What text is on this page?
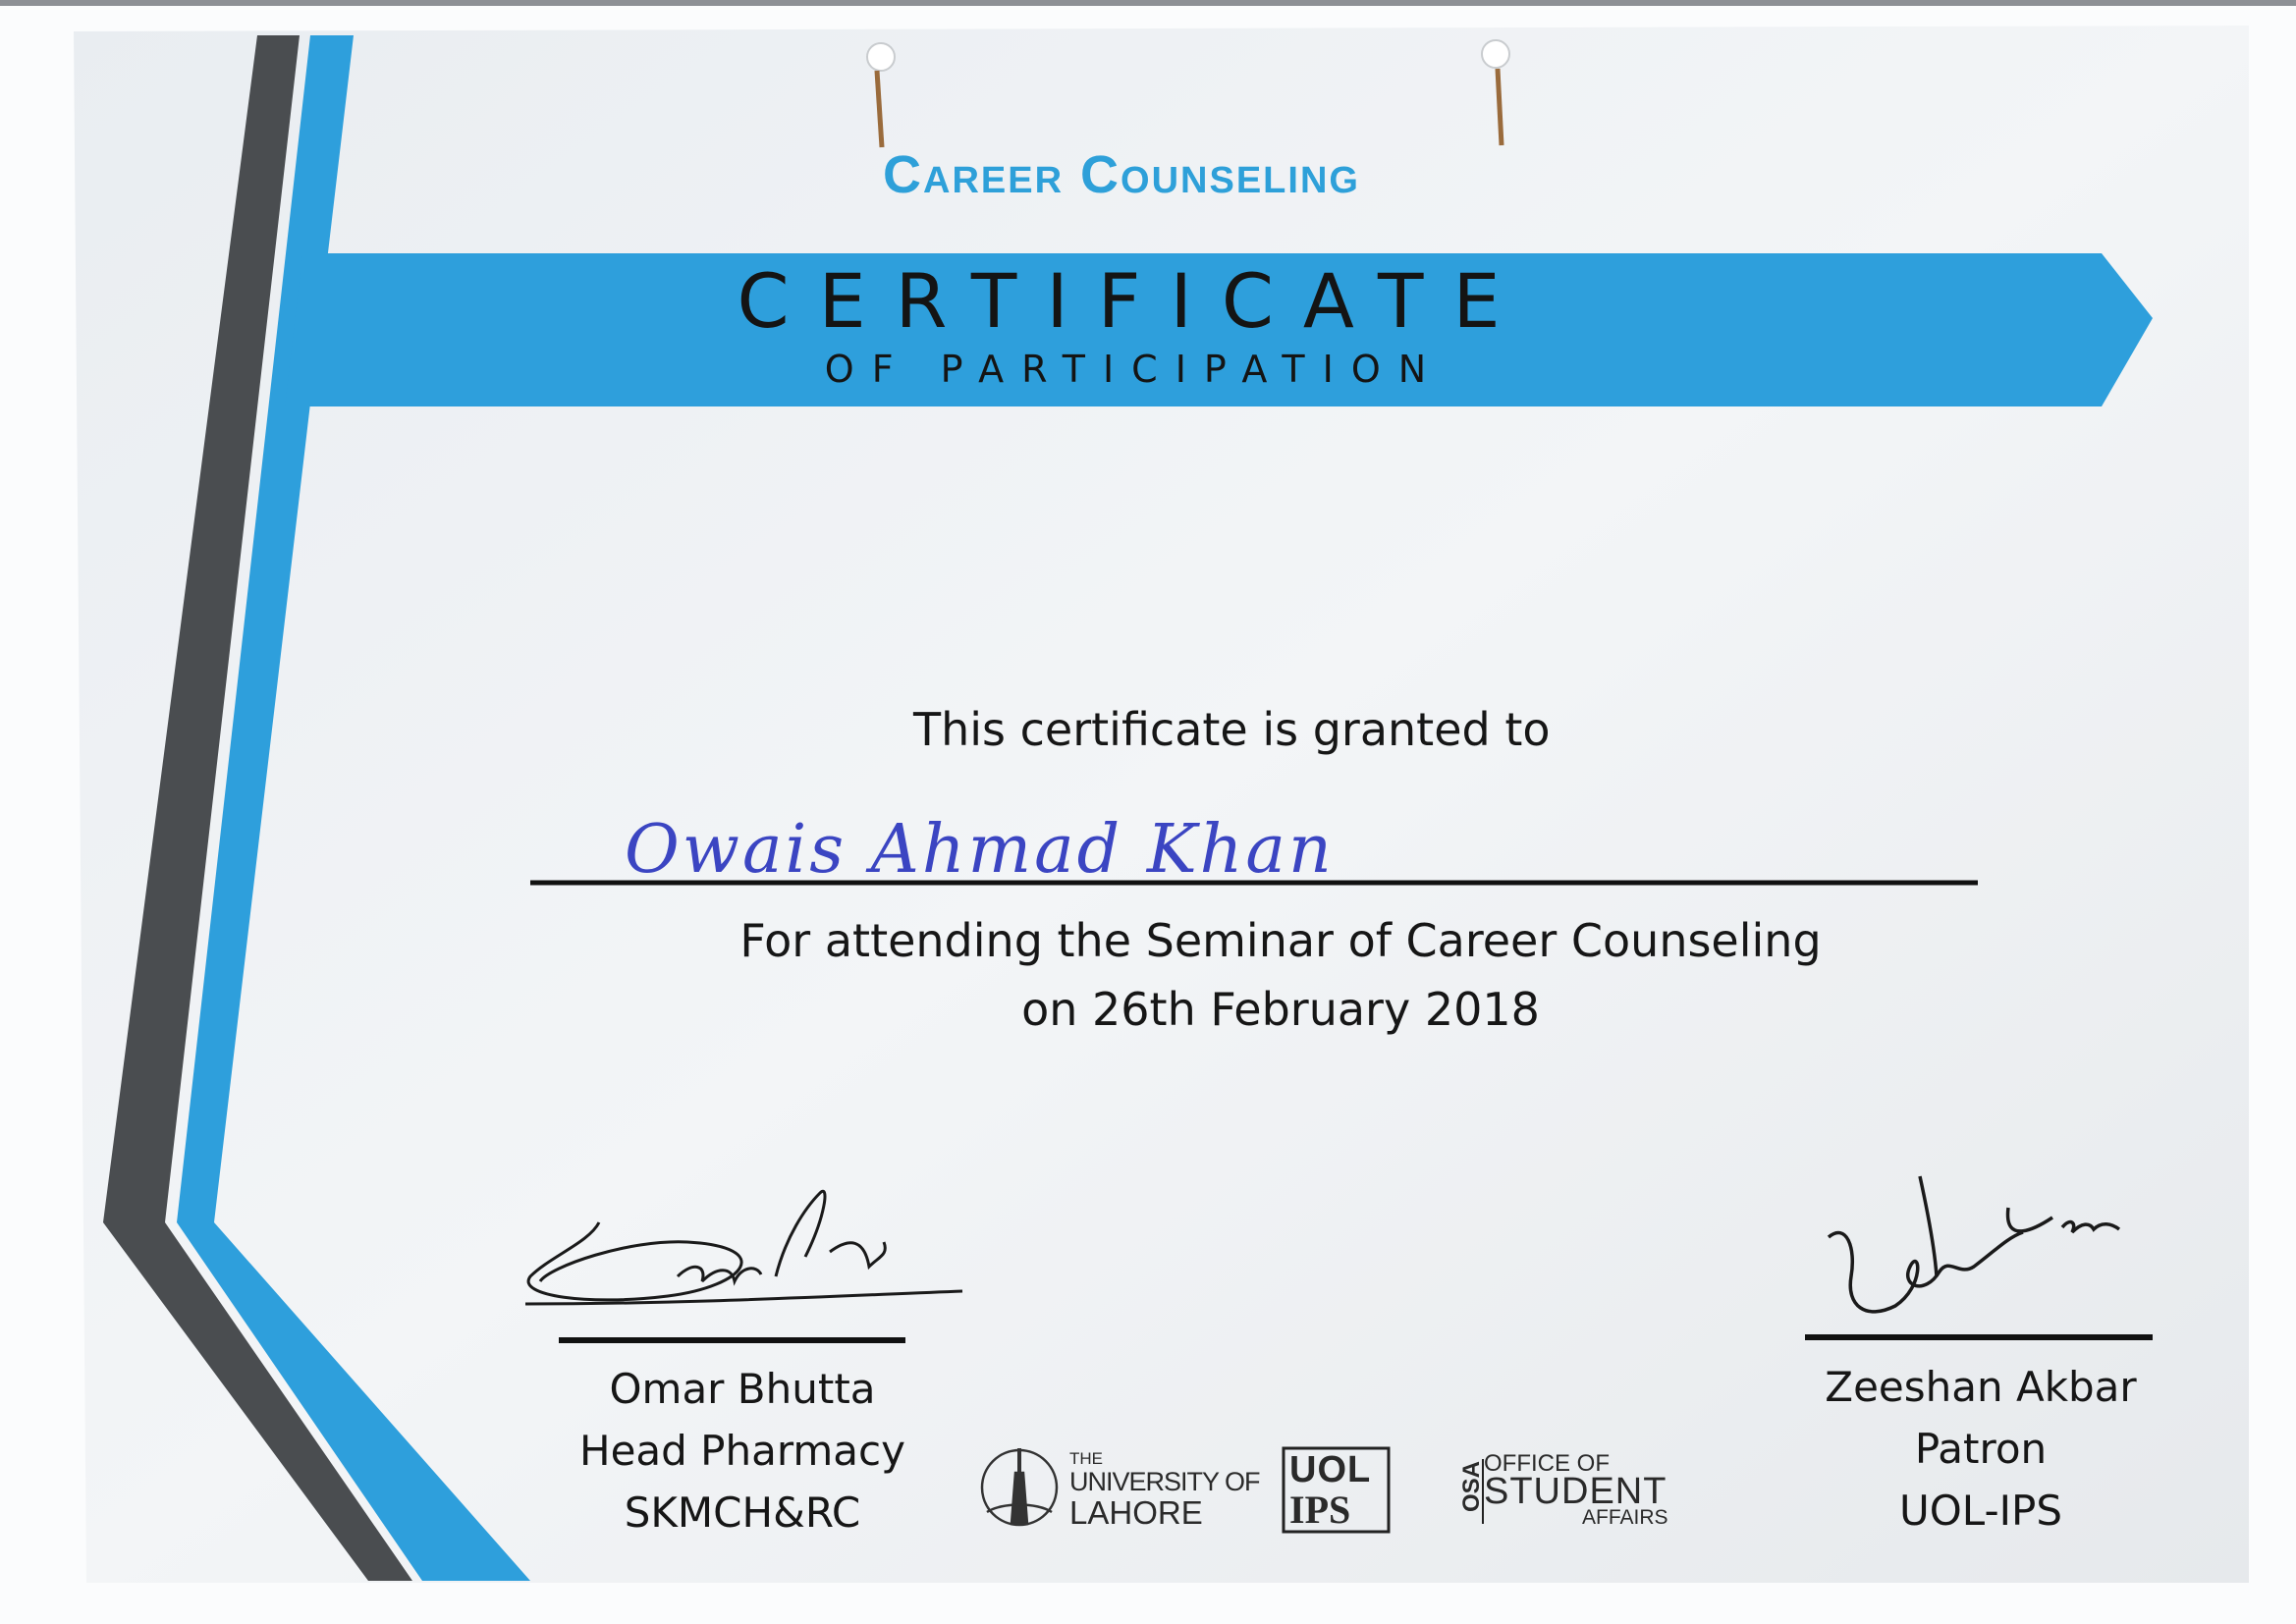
Career Counseling
CERTIFICATE
OF PARTICIPATION
This certificate is granted to
Owais Ahmad Khan
For attending the Seminar of Career Counseling
on 26th February 2018
Omar Bhutta
Head Pharmacy
SKMCH&RC
Zeeshan Akbar
Patron
UOL-IPS
THE
UNIVERSITY OF
LAHORE
UOL
IPS	OSA OFFICE OF
STUDENT
AFFAIRS
